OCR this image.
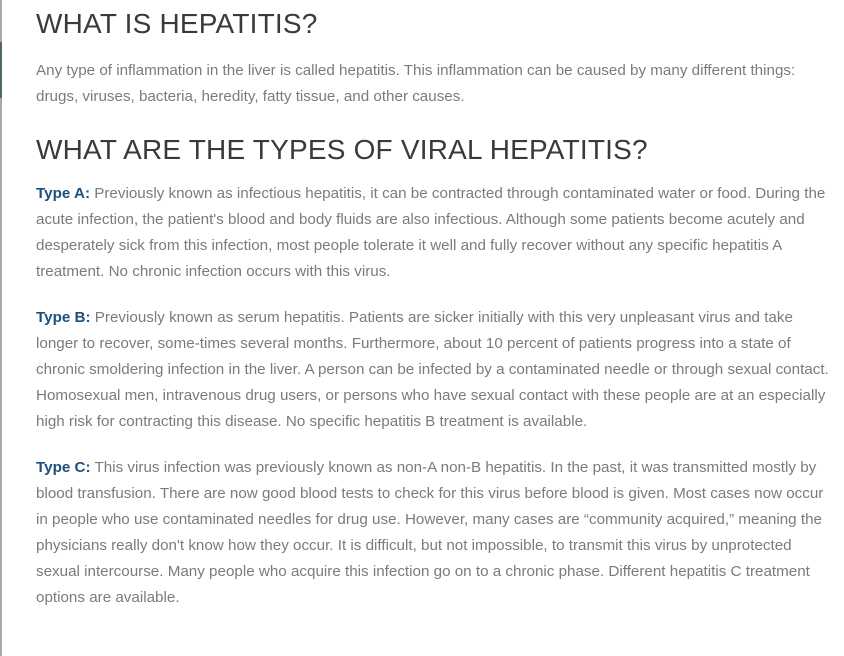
WHAT IS HEPATITIS?

Any type of inflammation in the liver is called hepatitis. This inflammation can be caused by many different things: drugs, viruses, bacteria, heredity, fatty tissue, and other causes.

WHAT ARE THE TYPES OF VIRAL HEPATITIS?

Type A: Previously known as infectious hepatitis, it can be contracted through contaminated water or food. During the acute infection, the patient's blood and body fluids are also infectious. Although some patients become acutely and desperately sick from this infection, most people tolerate it well and fully recover without any specific hepatitis A treatment. No chronic infection occurs with this virus.

Type B: Previously known as serum hepatitis. Patients are sicker initially with this very unpleasant virus and take longer to recover, some-times several months. Furthermore, about 10 percent of patients progress into a state of chronic smoldering infection in the liver. A person can be infected by a contaminated needle or through sexual contact. Homosexual men, intravenous drug users, or persons who have sexual contact with these people are at an especially high risk for contracting this disease. No specific hepatitis B treatment is available.

Type C: This virus infection was previously known as non-A non-B hepatitis. In the past, it was transmitted mostly by blood transfusion. There are now good blood tests to check for this virus before blood is given. Most cases now occur in people who use contaminated needles for drug use. However, many cases are “community acquired,” meaning the physicians really don't know how they occur. It is difficult, but not impossible, to transmit this virus by unprotected sexual intercourse. Many people who acquire this infection go on to a chronic phase. Different hepatitis C treatment options are available.
